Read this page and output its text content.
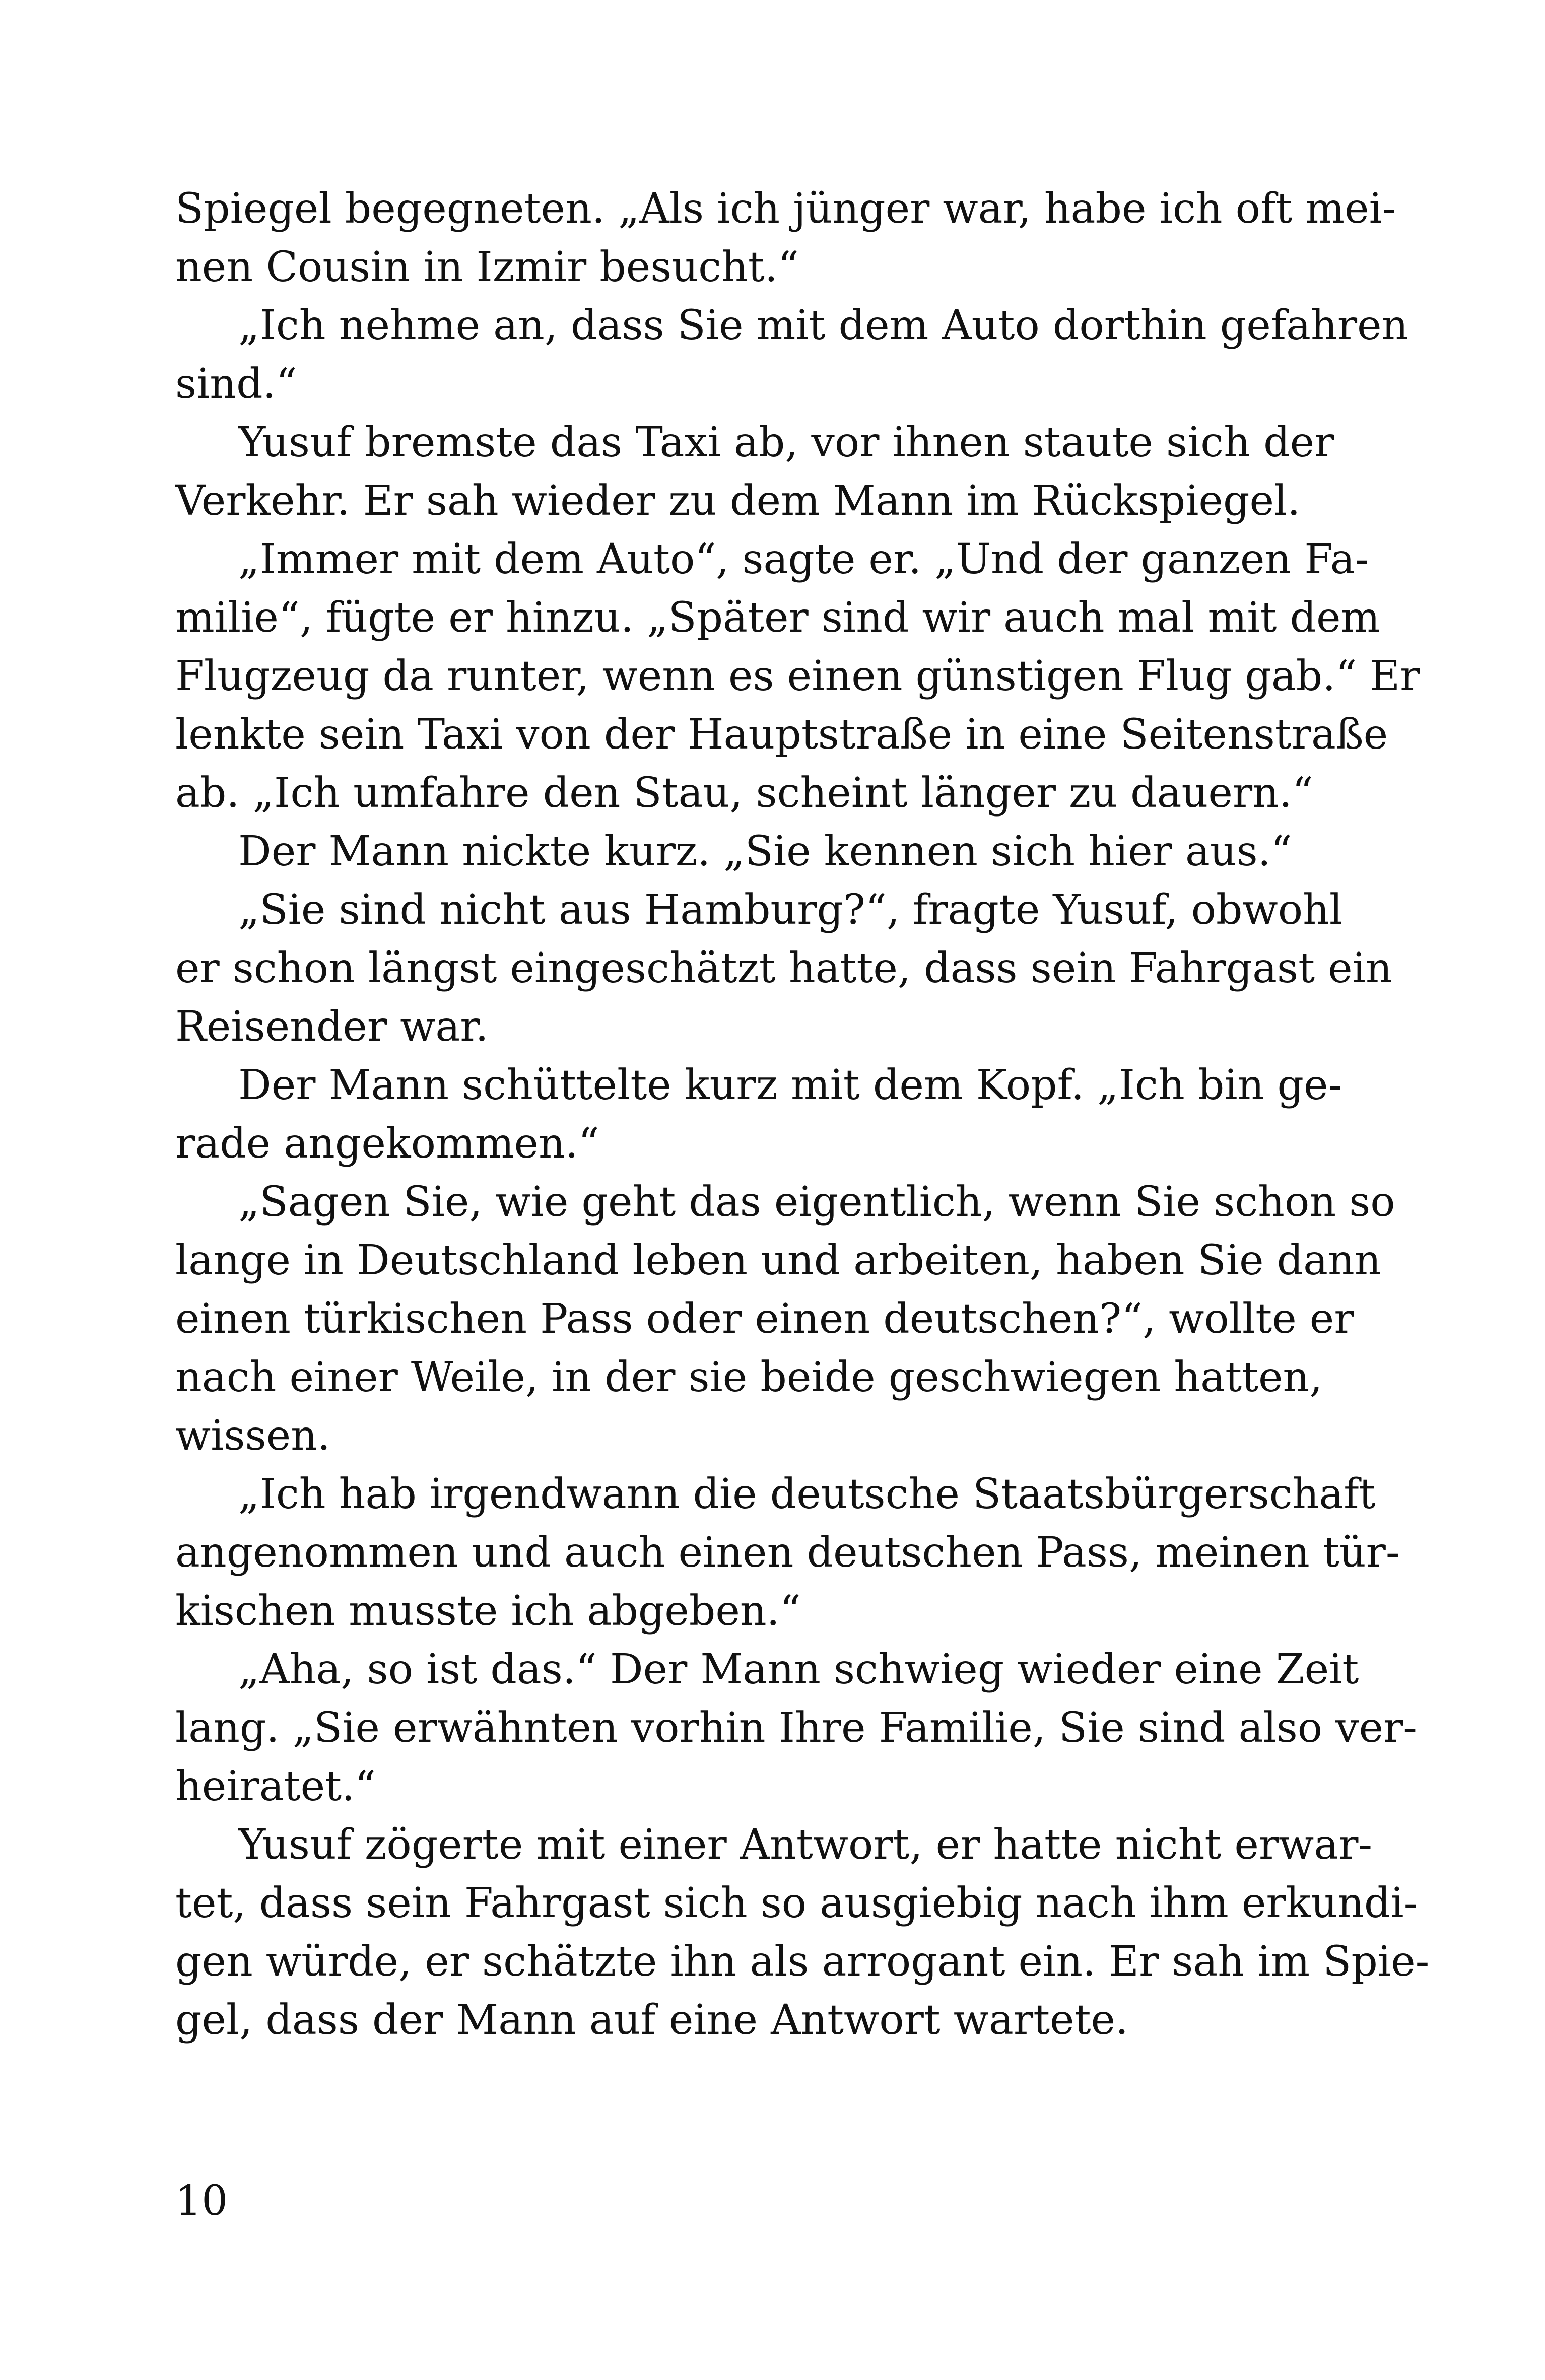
Spiegel begegneten. „Als ich jünger war, habe ich oft mei-
nen Cousin in Izmir besucht.“
„Ich nehme an, dass Sie mit dem Auto dorthin gefahren
sind.“
Yusuf bremste das Taxi ab, vor ihnen staute sich der
Verkehr. Er sah wieder zu dem Mann im Rückspiegel.
„Immer mit dem Auto“, sagte er. „Und der ganzen Fa-
milie“, fügte er hinzu. „Später sind wir auch mal mit dem
Flugzeug da runter, wenn es einen günstigen Flug gab.“ Er
lenkte sein Taxi von der Hauptstraße in eine Seitenstraße
ab. „Ich umfahre den Stau, scheint länger zu dauern.“
Der Mann nickte kurz. „Sie kennen sich hier aus.“
„Sie sind nicht aus Hamburg?“, fragte Yusuf, obwohl
er schon längst eingeschätzt hatte, dass sein Fahrgast ein
Reisender war.
Der Mann schüttelte kurz mit dem Kopf. „Ich bin ge-
rade angekommen.“
„Sagen Sie, wie geht das eigentlich, wenn Sie schon so
lange in Deutschland leben und arbeiten, haben Sie dann
einen türkischen Pass oder einen deutschen?“, wollte er
nach einer Weile, in der sie beide geschwiegen hatten,
wissen.
„Ich hab irgendwann die deutsche Staatsbürgerschaft
angenommen und auch einen deutschen Pass, meinen tür-
kischen musste ich abgeben.“
„Aha, so ist das.“ Der Mann schwieg wieder eine Zeit
lang. „Sie erwähnten vorhin Ihre Familie, Sie sind also ver-
heiratet.“
Yusuf zögerte mit einer Antwort, er hatte nicht erwar-
tet, dass sein Fahrgast sich so ausgiebig nach ihm erkundi-
gen würde, er schätzte ihn als arrogant ein. Er sah im Spie-
gel, dass der Mann auf eine Antwort wartete.
10
